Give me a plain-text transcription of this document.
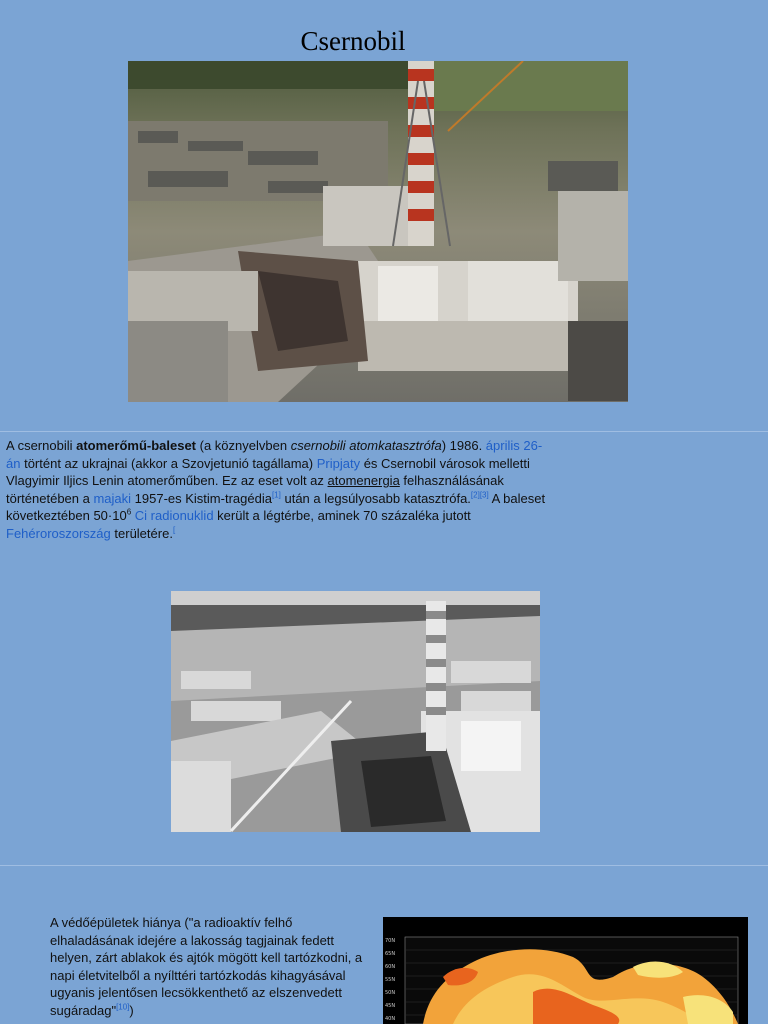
Csernobil
A csernobili atomerőmű-baleset (a köznyelvben csernobili atomkatasztrófa) 1986. április 26-án történt az ukrajnai (akkor a Szovjetunió tagállama) Pripjaty és Csernobil városok melletti Vlagyimir Iljics Lenin atomerőműben. Ez az eset volt az atomenergia felhasználásának történetében a majaki 1957-es Kistim-tragédia[1] után a legsúlyosabb katasztrófa.[2][3] A baleset következtében $50\cdot 10^6$ Ci radionuklid került a légtérbe, aminek 70 százaléka jutott Fehéroroszország területére.[
A védőépületek hiánya ("a radioaktív felhő elhaladásának idejére a lakosság tagjainak fedett helyen, zárt ablakok és ajtók mögött kell tartózkodni, a napi életvitelből a nyílttéri tartózkodás kihagyásával ugyanis jelentősen lecsökkenthető az elszenvedett sugáradag"[10])
70N
65N
60N
55N
50N
45N
40N
